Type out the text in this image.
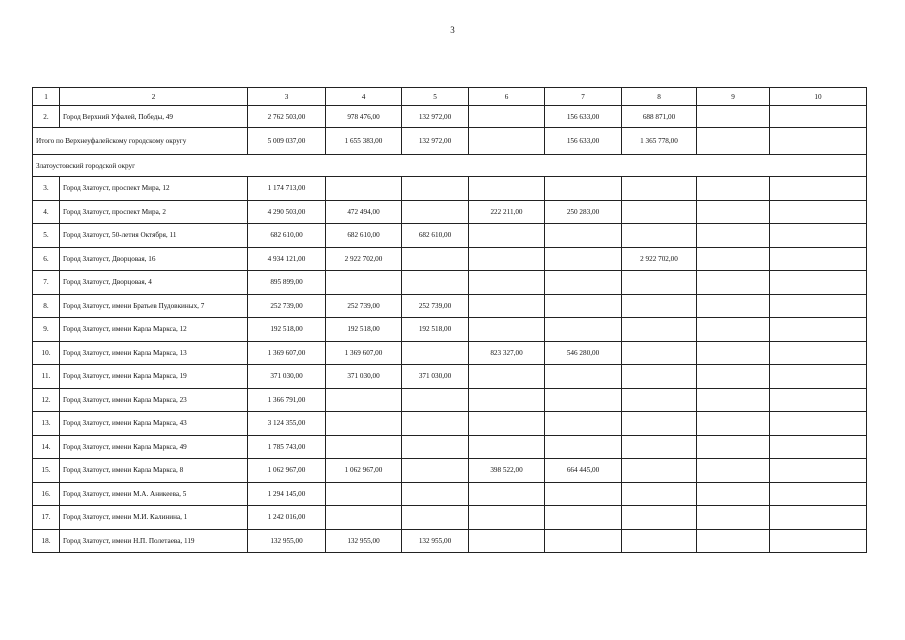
3
1	2	3	4	5	6	7	8	9	10
2.	Город Верхний Уфалей, Победы, 49	2 762 503,00	978 476,00	132 972,00		156 633,00	688 871,00		
Итого по Верхнеуфалейскому городскому округу		5 009 037,00	1 655 383,00	132 972,00		156 633,00	1 365 778,00		
Златоустовский городской округ									
3.	Город Златоуст, проспект Мира, 12	1 174 713,00							
4.	Город Златоуст, проспект Мира, 2	4 290 503,00	472 494,00		222 211,00	250 283,00			
5.	Город Златоуст, 50-летия Октября, 11	682 610,00	682 610,00	682 610,00					
6.	Город Златоуст, Дворцовая, 16	4 934 121,00	2 922 702,00				2 922 702,00		
7.	Город Златоуст, Дворцовая, 4	895 899,00							
8.	Город Златоуст, имени Братьев Пудовкиных, 7	252 739,00	252 739,00	252 739,00					
9.	Город Златоуст, имени Карла Маркса, 12	192 518,00	192 518,00	192 518,00					
10.	Город Златоуст, имени Карла Маркса, 13	1 369 607,00	1 369 607,00		823 327,00	546 280,00			
11.	Город Златоуст, имени Карла Маркса, 19	371 030,00	371 030,00	371 030,00					
12.	Город Златоуст, имени Карла Маркса, 23	1 366 791,00							
13.	Город Златоуст, имени Карла Маркса, 43	3 124 355,00							
14.	Город Златоуст, имени Карла Маркса, 49	1 785 743,00							
15.	Город Златоуст, имени Карла Маркса, 8	1 062 967,00	1 062 967,00		398 522,00	664 445,00			
16.	Город Златоуст, имени М.А. Аникеева, 5	1 294 145,00							
17.	Город Златоуст, имени М.И. Калинина, 1	1 242 016,00							
18.	Город Златоуст, имени Н.П. Полетаева, 119	132 955,00	132 955,00	132 955,00					
